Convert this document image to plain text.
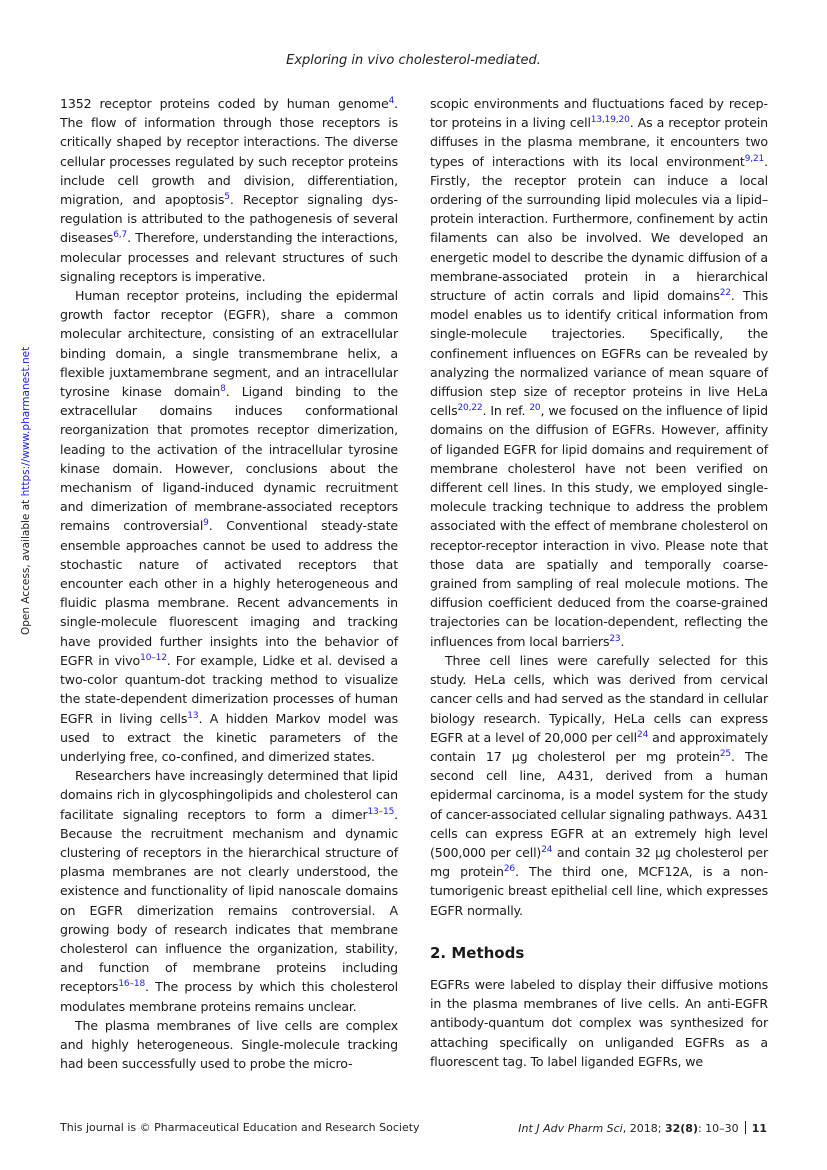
Exploring in vivo cholesterol-mediated.
Open Access, available at https://www.pharmanest.net

1352 receptor proteins coded by human genome$^4$. The flow of information through those receptors is critically shaped by receptor interactions. The diverse cellular processes regulated by such receptor proteins include cell growth and division, differentiation, migration, and apoptosis$^5$. Receptor signaling dysregulation is attributed to the pathogenesis of several diseases$^{6,7}$. Therefore, understanding the interactions, molecular processes and relevant structures of such signaling receptors is imperative.

Human receptor proteins, including the epidermal growth factor receptor (EGFR), share a common molecular architecture, consisting of an extracellular binding domain, a single transmembrane helix, a flexible juxtamembrane segment, and an intracellular tyrosine kinase domain$^8$. Ligand binding to the extracellular domains induces conformational reorganization that promotes receptor dimerization, leading to the activation of the intracellular tyrosine kinase domain. However, conclusions about the mechanism of ligand-induced dynamic recruitment and dimerization of membrane-associated receptors remains controversial$^9$. Conventional steady-state ensemble approaches cannot be used to address the stochastic nature of activated receptors that encounter each other in a highly heterogeneous and fluidic plasma membrane. Recent advancements in single-molecule fluorescent imaging and tracking have provided further insights into the behavior of EGFR in vivo$^{10-12}$. For example, Lidke et al. devised a two-color quantum-dot tracking method to visualize the state-dependent dimerization processes of human EGFR in living cells$^{13}$. A hidden Markov model was used to extract the kinetic parameters of the underlying free, co-confined, and dimerized states.

Researchers have increasingly determined that lipid domains rich in glycosphingolipids and cholesterol can facilitate signaling receptors to form a dimer$^{13-15}$. Because the recruitment mechanism and dynamic clustering of receptors in the hierarchical structure of plasma membranes are not clearly understood, the existence and functionality of lipid nanoscale domains on EGFR dimerization remains controversial. A growing body of research indicates that membrane cholesterol can influence the organization, stability, and function of membrane proteins including receptors$^{16-18}$. The process by which this cholesterol modulates membrane proteins remains unclear.

The plasma membranes of live cells are complex and highly heterogeneous. Single-molecule tracking had been successfully used to probe the micro-

scopic environments and fluctuations faced by receptor proteins in a living cell$^{13,19,20}$. As a receptor protein diffuses in the plasma membrane, it encounters two types of interactions with its local environment$^{9,21}$. Firstly, the receptor protein can induce a local ordering of the surrounding lipid molecules via a lipid–protein interaction. Furthermore, confinement by actin filaments can also be involved. We developed an energetic model to describe the dynamic diffusion of a membrane-associated protein in a hierarchical structure of actin corrals and lipid domains$^{22}$. This model enables us to identify critical information from single-molecule trajectories. Specifically, the confinement influences on EGFRs can be revealed by analyzing the normalized variance of mean square of diffusion step size of receptor proteins in live HeLa cells$^{20,22}$. In ref. $^{20}$, we focused on the influence of lipid domains on the diffusion of EGFRs. However, affinity of liganded EGFR for lipid domains and requirement of membrane cholesterol have not been verified on different cell lines. In this study, we employed single-molecule tracking technique to address the problem associated with the effect of membrane cholesterol on receptor-receptor interaction in vivo. Please note that those data are spatially and temporally coarse-grained from sampling of real molecule motions. The diffusion coefficient deduced from the coarse-grained trajectories can be location-dependent, reflecting the influences from local barriers$^{23}$.

Three cell lines were carefully selected for this study. HeLa cells, which was derived from cervical cancer cells and had served as the standard in cellular biology research. Typically, HeLa cells can express EGFR at a level of 20,000 per cell$^{24}$ and approximately contain 17 μg cholesterol per mg protein$^{25}$. The second cell line, A431, derived from a human epidermal carcinoma, is a model system for the study of cancer-associated cellular signaling pathways. A431 cells can express EGFR at an extremely high level (500,000 per cell)$^{24}$ and contain 32 μg cholesterol per mg protein$^{26}$. The third one, MCF12A, is a non-tumorigenic breast epithelial cell line, which expresses EGFR normally.

2. Methods

EGFRs were labeled to display their diffusive motions in the plasma membranes of live cells. An anti-EGFR antibody-quantum dot complex was synthesized for attaching specifically on unliganded EGFRs as a fluorescent tag. To label liganded EGFRs, we

This journal is © Pharmaceutical Education and Research Society	Int J Adv Pharm Sci, 2018; 32(8): 10–30 11
